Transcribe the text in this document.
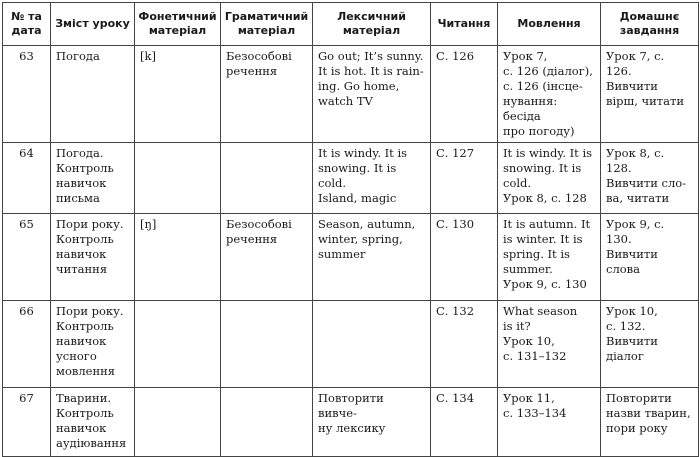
№ та
дата	Зміст уроку	Фонетичний
матеріал	Граматичний
матеріал	Лексичний
матеріал	Читання	Мовлення	Домашнє
завдання
63	Погода	[k]	Безособові
речення	Go out; It’s sunny.
It is hot. It is rain-
ing. Go home,
watch TV	С. 126	Урок 7,
с. 126 (діалог),
с. 126 (інсце-
нування: бесіда
про погоду)	Урок 7, с. 126.
Вивчити
вірш, читати
64	Погода.
Контроль
навичок
письма			It is windy. It is
snowing. It is cold.
Island, magic	С. 127	It is windy. It is
snowing. It is
cold.
Урок 8, с. 128	Урок 8, с. 128.
Вивчити сло-
ва, читати
65	Пори року.
Контроль
навичок
читання	[ŋ]	Безособові
речення	Season, autumn,
winter, spring,
summer	С. 130	It is autumn. It
is winter. It is
spring. It is
summer.
Урок 9, с. 130	Урок 9, с. 130.
Вивчити
слова
66	Пори року.
Контроль
навичок
усного
мовлення				С. 132	What season
is it?
Урок 10,
с. 131–132	Урок 10,
с. 132.
Вивчити
діалог
67	Тварини.
Контроль
навичок
аудіювання			Повторити вивче-
ну лексику	С. 134	Урок 11,
с. 133–134	Повторити
назви тварин,
пори року
